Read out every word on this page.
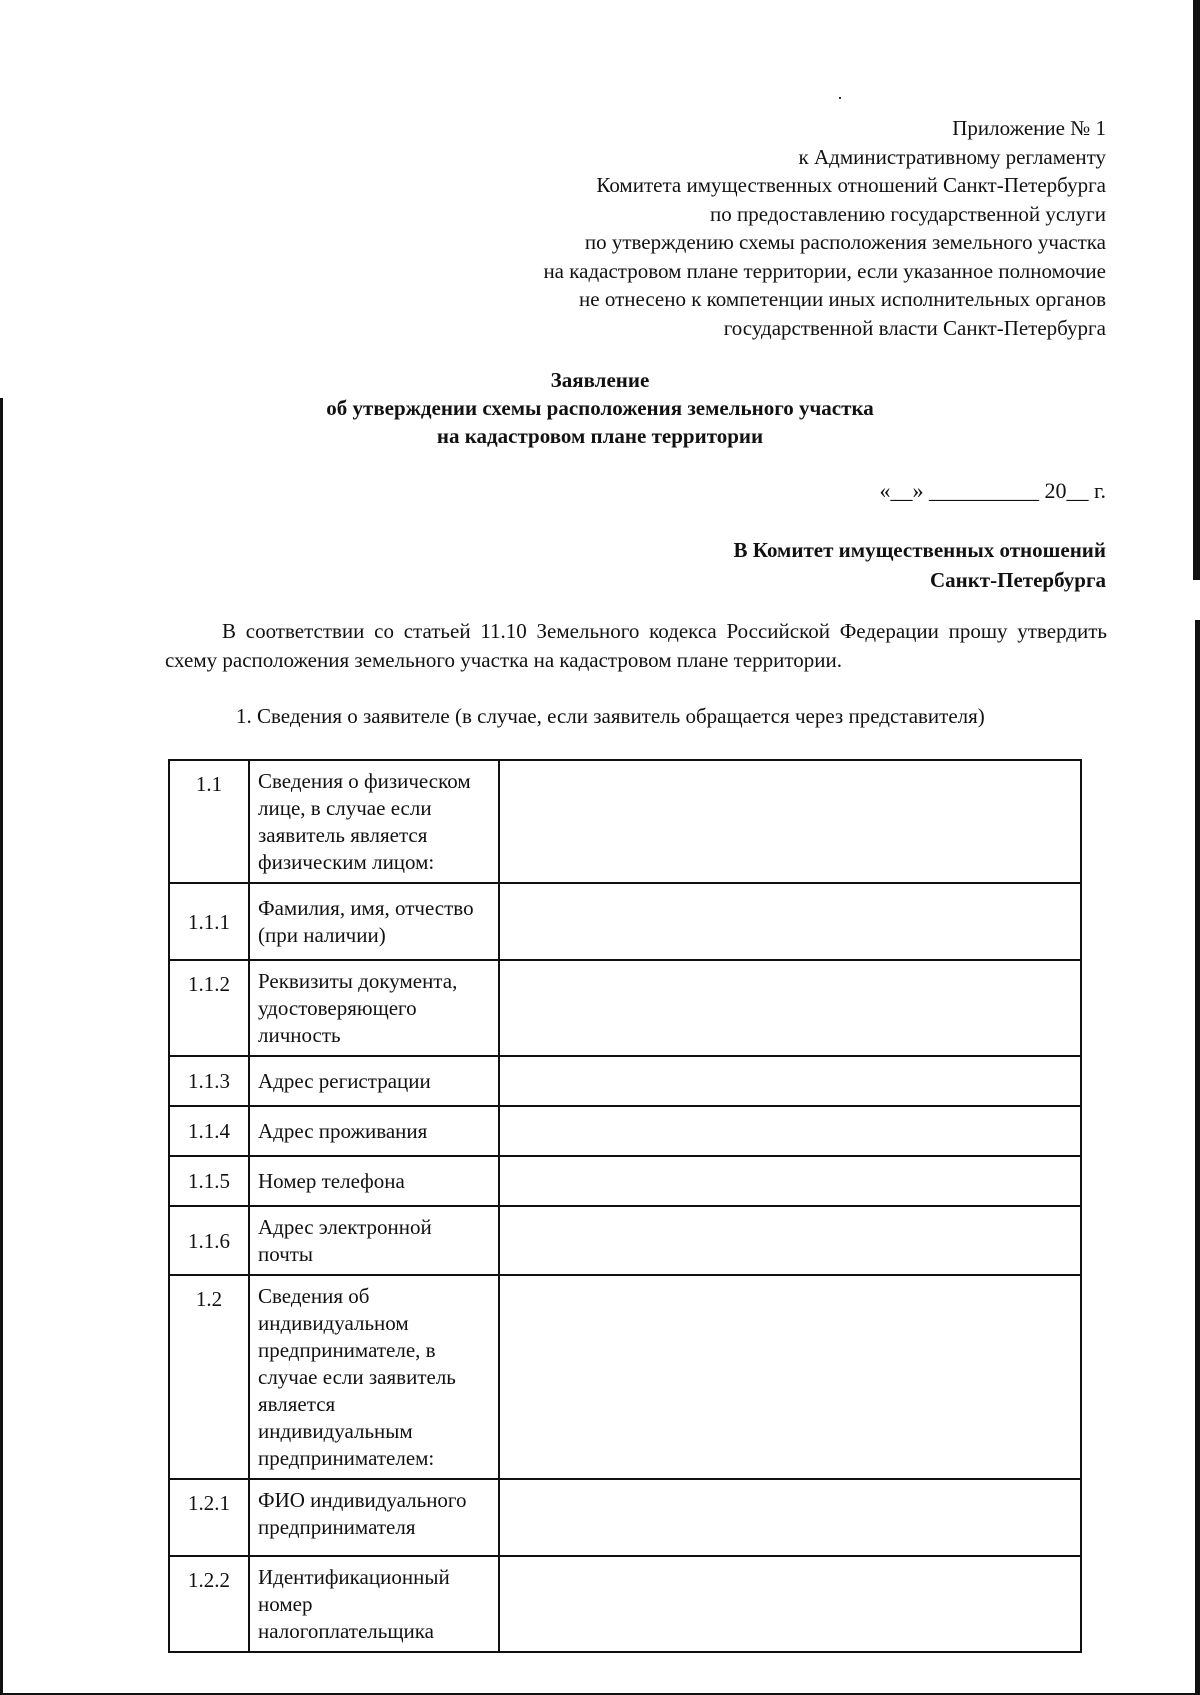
Приложение № 1
к Административному регламенту
Комитета имущественных отношений Санкт-Петербурга
по предоставлению государственной услуги
по утверждению схемы расположения земельного участка
на кадастровом плане территории, если указанное полномочие
не отнесено к компетенции иных исполнительных органов
государственной власти Санкт-Петербурга
Заявление
об утверждении схемы расположения земельного участка
на кадастровом плане территории
«__» __________ 20__ г.
В Комитет имущественных отношений
Санкт-Петербурга
В соответствии со статьей 11.10 Земельного кодекса Российской Федерации прошу утвердить схему расположения земельного участка на кадастровом плане территории.
1. Сведения о заявителе (в случае, если заявитель обращается через представителя)
1.1	Сведения о физическом лице, в случае если заявитель является физическим лицом:	
1.1.1	Фамилия, имя, отчество (при наличии)	
1.1.2	Реквизиты документа, удостоверяющего личность	
1.1.3	Адрес регистрации	
1.1.4	Адрес проживания	
1.1.5	Номер телефона	
1.1.6	Адрес электронной почты	
1.2	Сведения об индивидуальном предпринимателе, в случае если заявитель является индивидуальным предпринимателем:	
1.2.1	ФИО индивидуального предпринимателя	
1.2.2	Идентификационный номер налогоплательщика	
